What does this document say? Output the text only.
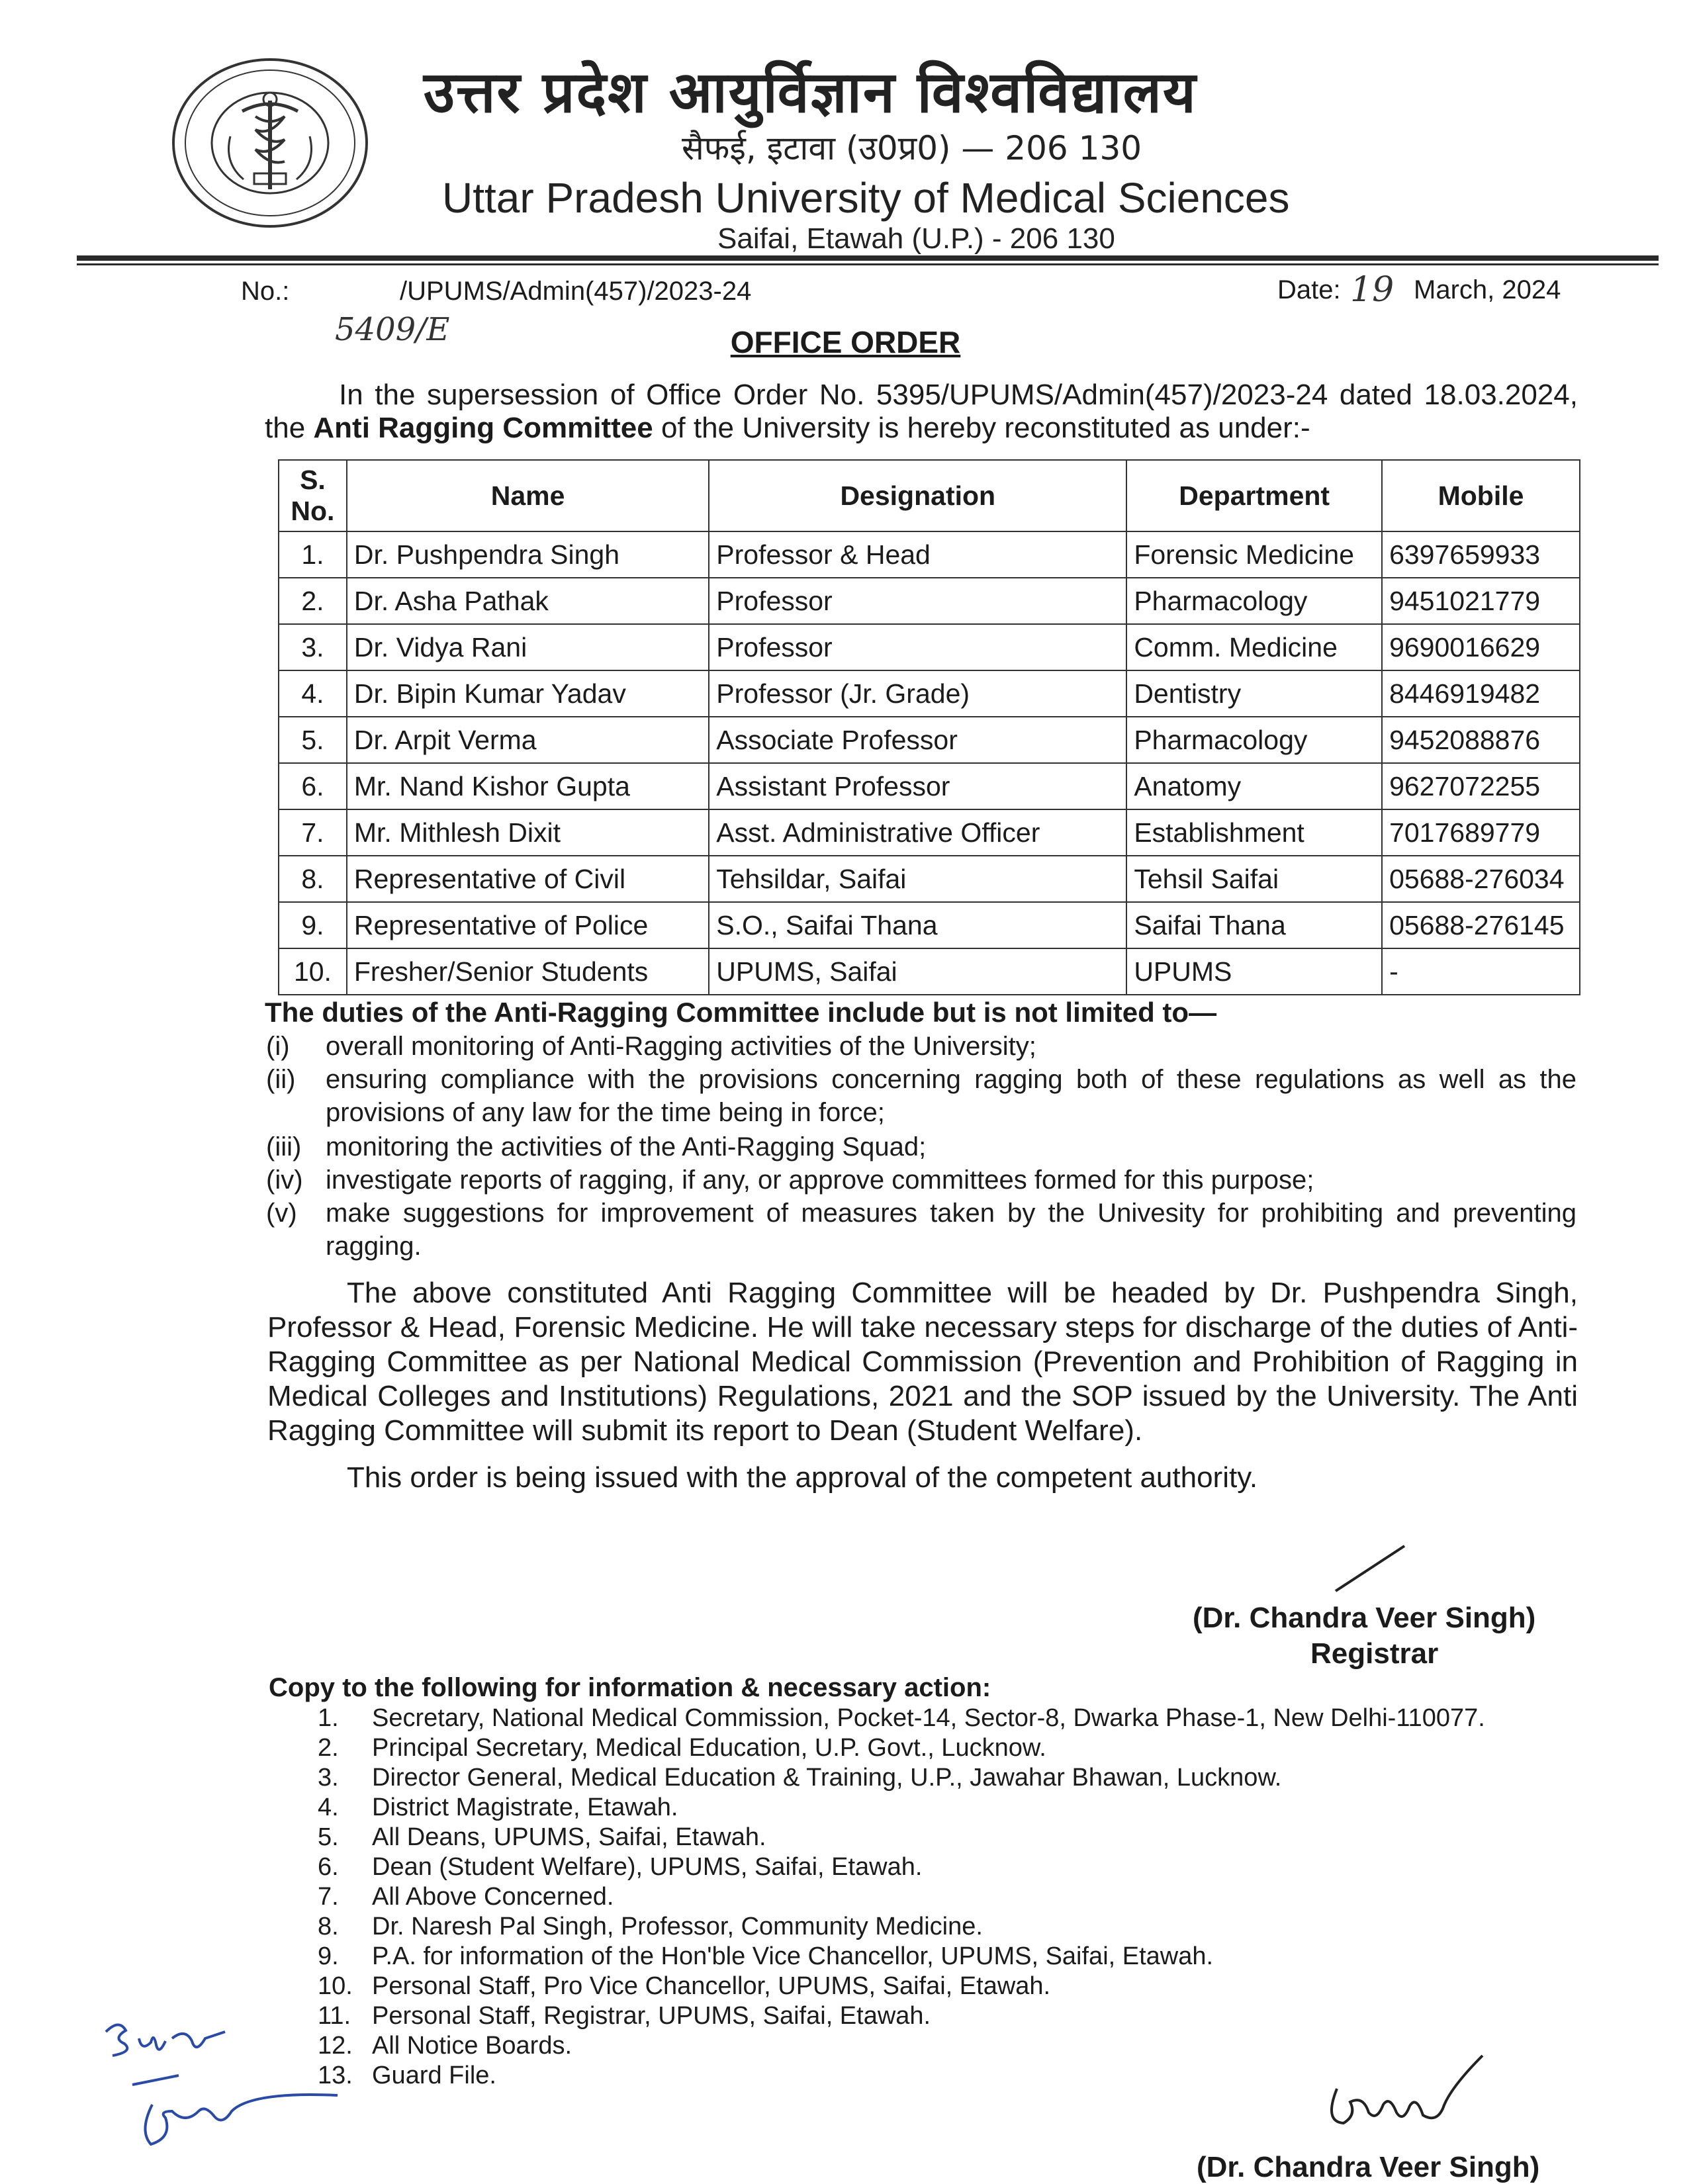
उत्तर प्रदेश आयुर्विज्ञान विश्वविद्यालय
सैफई, इटावा (उ0प्र0) — 206 130
Uttar Pradesh University of Medical Sciences
Saifai, Etawah (U.P.) - 206 130
No.:	/UPUMS/Admin(457)/2023-24
5409/E
Date: 19 March, 2024
OFFICE ORDER
In the supersession of Office Order No. 5395/UPUMS/Admin(457)/2023-24 dated 18.03.2024, the Anti Ragging Committee of the University is hereby reconstituted as under:-
S. No.	Name	Designation	Department	Mobile
1.	Dr. Pushpendra Singh	Professor & Head	Forensic Medicine	6397659933
2.	Dr. Asha Pathak	Professor	Pharmacology	9451021779
3.	Dr. Vidya Rani	Professor	Comm. Medicine	9690016629
4.	Dr. Bipin Kumar Yadav	Professor (Jr. Grade)	Dentistry	8446919482
5.	Dr. Arpit Verma	Associate Professor	Pharmacology	9452088876
6.	Mr. Nand Kishor Gupta	Assistant Professor	Anatomy	9627072255
7.	Mr. Mithlesh Dixit	Asst. Administrative Officer	Establishment	7017689779
8.	Representative of Civil	Tehsildar, Saifai	Tehsil Saifai	05688-276034
9.	Representative of Police	S.O., Saifai Thana	Saifai Thana	05688-276145
10.	Fresher/Senior Students	UPUMS, Saifai	UPUMS	-
The duties of the Anti-Ragging Committee include but is not limited to—
(i) overall monitoring of Anti-Ragging activities of the University;
(ii) ensuring compliance with the provisions concerning ragging both of these regulations as well as the provisions of any law for the time being in force;
(iii) monitoring the activities of the Anti-Ragging Squad;
(iv) investigate reports of ragging, if any, or approve committees formed for this purpose;
(v) make suggestions for improvement of measures taken by the Univesity for prohibiting and preventing ragging.
The above constituted Anti Ragging Committee will be headed by Dr. Pushpendra Singh, Professor & Head, Forensic Medicine. He will take necessary steps for discharge of the duties of Anti-Ragging Committee as per National Medical Commission (Prevention and Prohibition of Ragging in Medical Colleges and Institutions) Regulations, 2021 and the SOP issued by the University. The Anti Ragging Committee will submit its report to Dean (Student Welfare).
This order is being issued with the approval of the competent authority.
(Dr. Chandra Veer Singh)
Registrar
Copy to the following for information & necessary action:
1. Secretary, National Medical Commission, Pocket-14, Sector-8, Dwarka Phase-1, New Delhi-110077.
2. Principal Secretary, Medical Education, U.P. Govt., Lucknow.
3. Director General, Medical Education & Training, U.P., Jawahar Bhawan, Lucknow.
4. District Magistrate, Etawah.
5. All Deans, UPUMS, Saifai, Etawah.
6. Dean (Student Welfare), UPUMS, Saifai, Etawah.
7. All Above Concerned.
8. Dr. Naresh Pal Singh, Professor, Community Medicine.
9. P.A. for information of the Hon'ble Vice Chancellor, UPUMS, Saifai, Etawah.
10. Personal Staff, Pro Vice Chancellor, UPUMS, Saifai, Etawah.
11. Personal Staff, Registrar, UPUMS, Saifai, Etawah.
12. All Notice Boards.
13. Guard File.
(Dr. Chandra Veer Singh)
